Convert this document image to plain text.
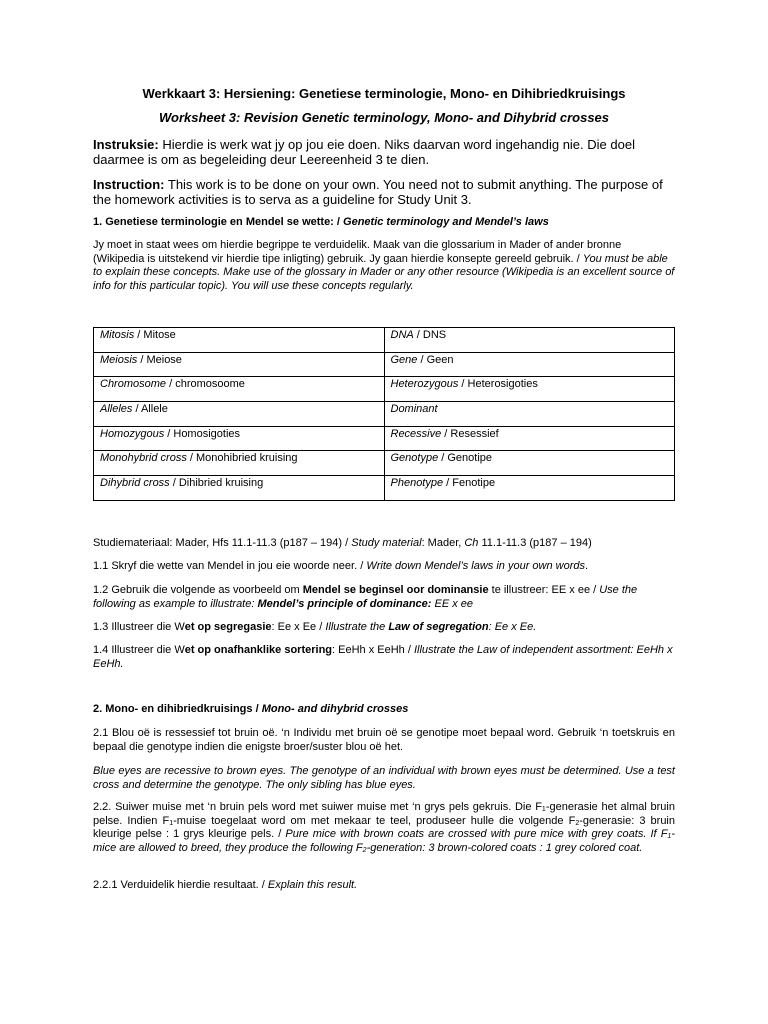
Werkkaart 3: Hersiening: Genetiese terminologie, Mono- en Dihibriedkruisings
Worksheet 3: Revision Genetic terminology, Mono- and Dihybrid crosses
Instruksie: Hierdie is werk wat jy op jou eie doen. Niks daarvan word ingehandig nie. Die doel daarmee is om as begeleiding deur Leereenheid 3 te dien.
Instruction: This work is to be done on your own. You need not to submit anything. The purpose of the homework activities is to serva as a guideline for Study Unit 3.
1. Genetiese terminologie en Mendel se wette: / Genetic terminology and Mendel’s laws
Jy moet in staat wees om hierdie begrippe te verduidelik. Maak van die glossarium in Mader of ander bronne (Wikipedia is uitstekend vir hierdie tipe inligting) gebruik. Jy gaan hierdie konsepte gereeld gebruik. / You must be able to explain these concepts. Make use of the glossary in Mader or any other resource (Wikipedia is an excellent source of info for this particular topic). You will use these concepts regularly.
Mitosis / Mitose	DNA / DNS
Meiosis / Meiose	Gene / Geen
Chromosome / chromosoome	Heterozygous / Heterosigoties
Alleles / Allele	Dominant
Homozygous / Homosigoties	Recessive / Resessief
Monohybrid cross / Monohibried kruising	Genotype / Genotipe
Dihybrid cross / Dihibried kruising	Phenotype / Fenotipe
Studiemateriaal: Mader, Hfs 11.1-11.3 (p187 – 194) / Study material: Mader, Ch 11.1-11.3 (p187 – 194)
1.1 Skryf die wette van Mendel in jou eie woorde neer. / Write down Mendel’s laws in your own words.
1.2 Gebruik die volgende as voorbeeld om Mendel se beginsel oor dominansie te illustreer: EE x ee / Use the following as example to illustrate: Mendel’s principle of dominance: EE x ee
1.3 Illustreer die Wet op segregasie: Ee x Ee / Illustrate the Law of segregation: Ee x Ee.
1.4 Illustreer die Wet op onafhanklike sortering: EeHh x EeHh / Illustrate the Law of independent assortment: EeHh x EeHh.
2. Mono- en dihibriedkruisings / Mono- and dihybrid crosses
2.1 Blou oë is ressessief tot bruin oë. ‘n Individu met bruin oë se genotipe moet bepaal word. Gebruik ‘n toetskruis en bepaal die genotype indien die enigste broer/suster blou oë het.
Blue eyes are recessive to brown eyes. The genotype of an individual with brown eyes must be determined. Use a test cross and determine the genotype. The only sibling has blue eyes.
2.2. Suiwer muise met ‘n bruin pels word met suiwer muise met ‘n grys pels gekruis. Die $F_1$-generasie het almal bruin pelse. Indien $F_1$-muise toegelaat word om met mekaar te teel, produseer hulle die volgende $F_2$-generasie: 3 bruin kleurige pelse : 1 grys kleurige pels. / Pure mice with brown coats are crossed with pure mice with grey coats. If $F_1$-mice are allowed to breed, they produce the following $F_2$-generation: 3 brown-colored coats : 1 grey colored coat.
2.2.1 Verduidelik hierdie resultaat. / Explain this result.
